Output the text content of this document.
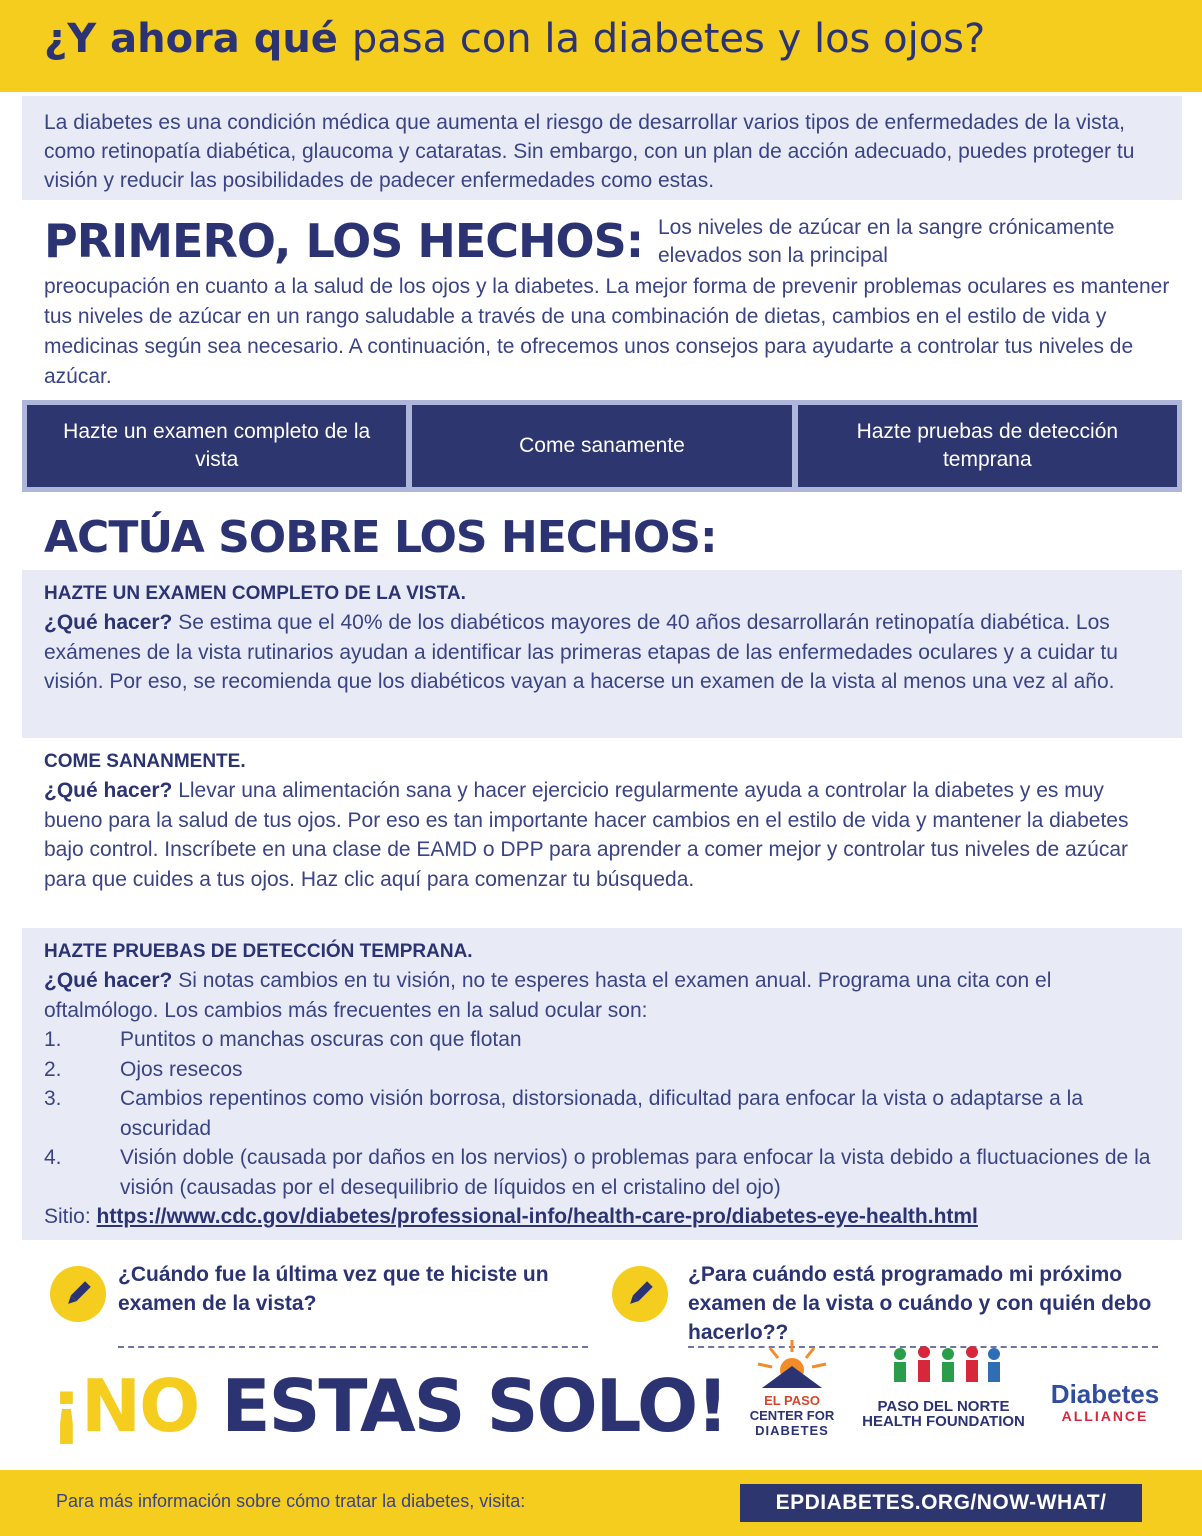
¿Y ahora qué pasa con la diabetes y los ojos?

La diabetes es una condición médica que aumenta el riesgo de desarrollar varios tipos de enfermedades de la vista, como retinopatía diabética, glaucoma y cataratas. Sin embargo, con un plan de acción adecuado, puedes proteger tu visión y reducir las posibilidades de padecer enfermedades como estas.

PRIMERO, LOS HECHOS: Los niveles de azúcar en la sangre crónicamente elevados son la principal

preocupación en cuanto a la salud de los ojos y la diabetes. La mejor forma de prevenir problemas oculares es mantener tus niveles de azúcar en un rango saludable a través de una combinación de dietas, cambios en el estilo de vida y medicinas según sea necesario. A continuación, te ofrecemos unos consejos para ayudarte a controlar tus niveles de azúcar.

Hazte un examen completo de la vista
Come sanamente
Hazte pruebas de detección temprana
ACTÚA SOBRE LOS HECHOS:
HAZTE UN EXAMEN COMPLETO DE LA VISTA.

¿Qué hacer? Se estima que el 40% de los diabéticos mayores de 40 años desarrollarán retinopatía diabética. Los exámenes de la vista rutinarios ayudan a identificar las primeras etapas de las enfermedades oculares y a cuidar tu visión. Por eso, se recomienda que los diabéticos vayan a hacerse un examen de la vista al menos una vez al año.

COME SANANMENTE.

¿Qué hacer? Llevar una alimentación sana y hacer ejercicio regularmente ayuda a controlar la diabetes y es muy bueno para la salud de tus ojos. Por eso es tan importante hacer cambios en el estilo de vida y mantener la diabetes bajo control. Inscríbete en una clase de EAMD o DPP para aprender a comer mejor y controlar tus niveles de azúcar para que cuides a tus ojos. Haz clic aquí para comenzar tu búsqueda.

HAZTE PRUEBAS DE DETECCIÓN TEMPRANA.

¿Qué hacer? Si notas cambios en tu visión, no te esperes hasta el examen anual. Programa una cita con el oftalmólogo. Los cambios más frecuentes en la salud ocular son:

1.	Puntitos o manchas oscuras con que flotan
2.	Ojos resecos
3.	Cambios repentinos como visión borrosa, distorsionada, dificultad para enfocar la vista o adaptarse a la oscuridad
4.	Visión doble (causada por daños en los nervios) o problemas para enfocar la vista debido a fluctuaciones de la visión (causadas por el desequilibrio de líquidos en el cristalino del ojo)

Sitio: https://www.cdc.gov/diabetes/professional-info/health-care-pro/diabetes-eye-health.html

¿Cuándo fue la última vez que te hiciste un examen de la vista?

¿Para cuándo está programado mi próximo examen de la vista o cuándo y con quién debo hacerlo??

¡NO ESTAS SOLO!	EL PASO
CENTER FOR
DIABETES
PASO DEL NORTE
HEALTH FOUNDATION
Diabetes
ALLIANCE

Para más información sobre cómo tratar la diabetes, visita:	EPDIABETES.ORG/NOW-WHAT/
